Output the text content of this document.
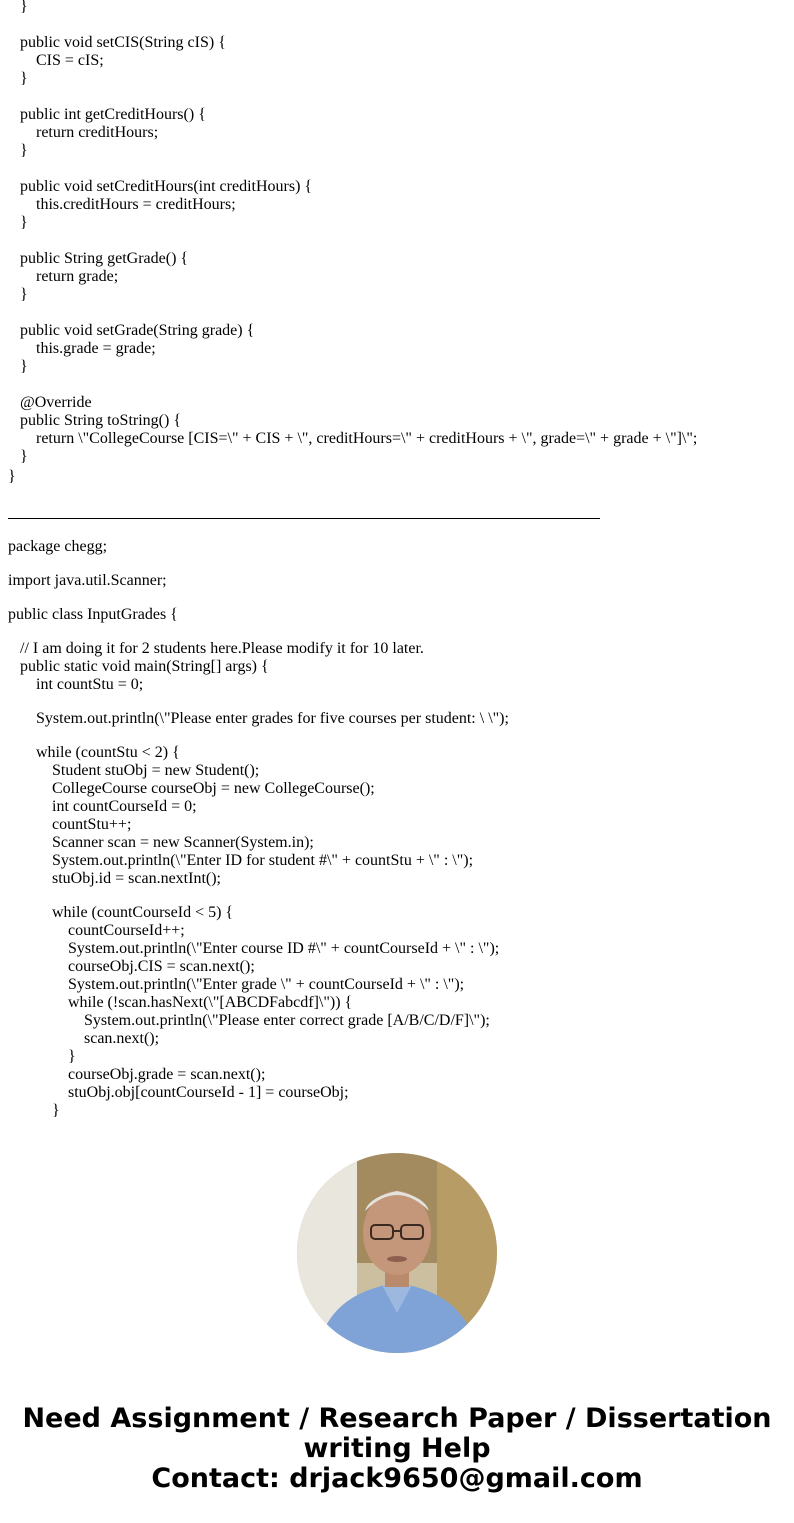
}
public void setCIS(String cIS) {
CIS = cIS;
}
public int getCreditHours() {
return creditHours;
}
public void setCreditHours(int creditHours) {
this.creditHours = creditHours;
}
public String getGrade() {
return grade;
}
public void setGrade(String grade) {
this.grade = grade;
}
@Override
public String toString() {
return \"CollegeCourse [CIS=\" + CIS + \", creditHours=\" + creditHours + \", grade=\" + grade + \"]\";
}
}
package chegg;
import java.util.Scanner;
public class InputGrades {
// I am doing it for 2 students here.Please modify it for 10 later.
public static void main(String[] args) {
int countStu = 0;
System.out.println(\"Please enter grades for five courses per student: \ \");
while (countStu < 2) {
Student stuObj = new Student();
CollegeCourse courseObj = new CollegeCourse();
int countCourseId = 0;
countStu++;
Scanner scan = new Scanner(System.in);
System.out.println(\"Enter ID for student #\" + countStu + \" : \");
stuObj.id = scan.nextInt();
while (countCourseId < 5) {
countCourseId++;
System.out.println(\"Enter course ID #\" + countCourseId + \" : \");
courseObj.CIS = scan.next();
System.out.println(\"Enter grade \" + countCourseId + \" : \");
while (!scan.hasNext(\"[ABCDFabcdf]\")) {
System.out.println(\"Please enter correct grade [A/B/C/D/F]\");
scan.next();
}
courseObj.grade = scan.next();
stuObj.obj[countCourseId - 1] = courseObj;
}
Need Assignment / Research Paper / Dissertation
writing Help
Contact: drjack9650@gmail.com
